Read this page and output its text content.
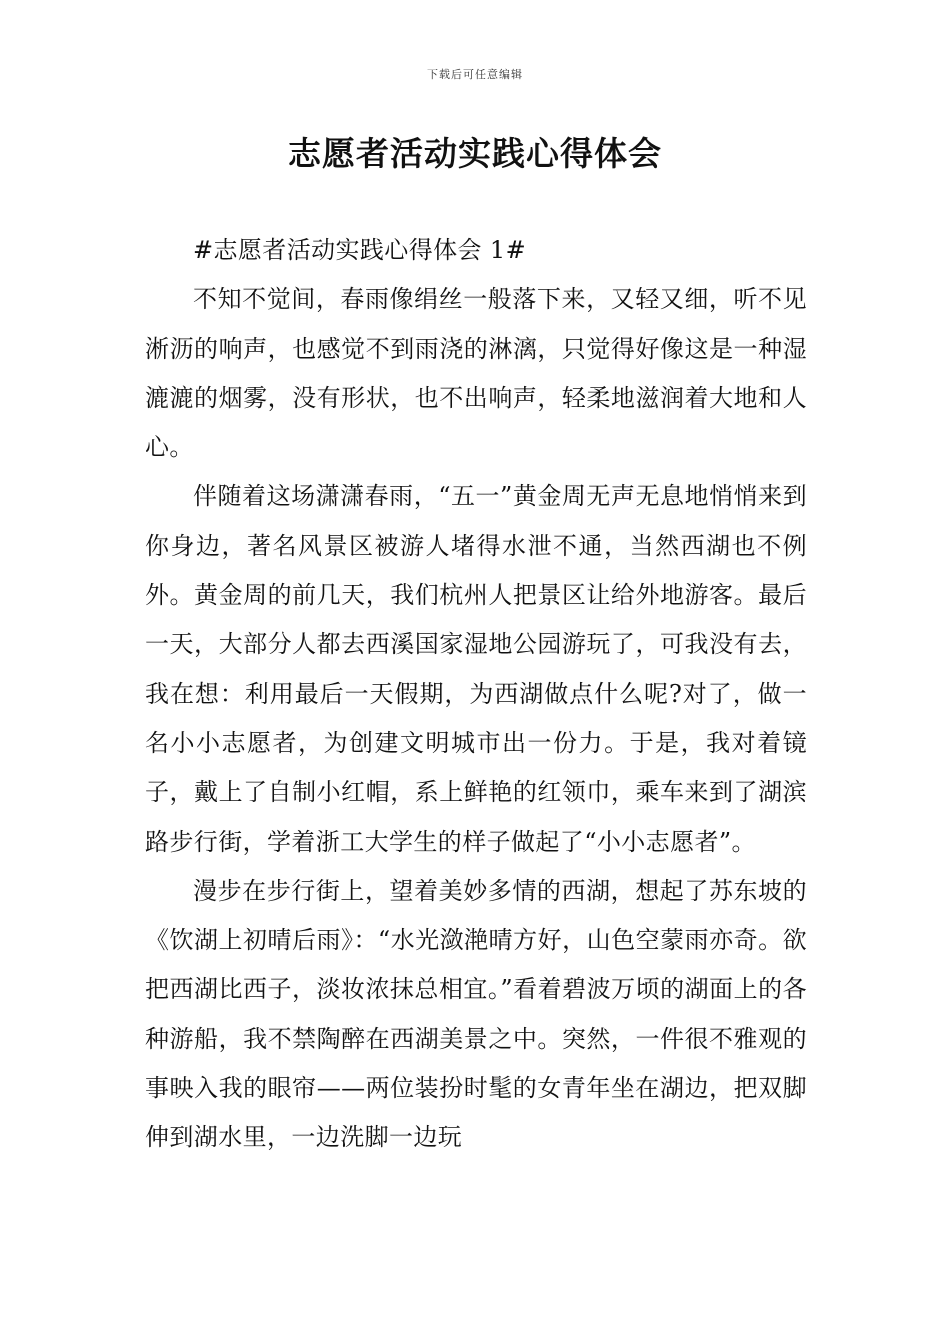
下载后可任意编辑
志愿者活动实践心得体会
#志愿者活动实践心得体会 1#

不知不觉间，春雨像绢丝一般落下来，又轻又细，听不见淅沥的响声，也感觉不到雨浇的淋漓，只觉得好像这是一种湿漉漉的烟雾，没有形状，也不出响声，轻柔地滋润着大地和人心。

伴随着这场潇潇春雨，“五一”黄金周无声无息地悄悄来到你身边，著名风景区被游人堵得水泄不通，当然西湖也不例外。黄金周的前几天，我们杭州人把景区让给外地游客。最后一天，大部分人都去西溪国家湿地公园游玩了，可我没有去，我在想：利用最后一天假期，为西湖做点什么呢?对了，做一名小小志愿者，为创建文明城市出一份力。于是，我对着镜子，戴上了自制小红帽，系上鲜艳的红领巾，乘车来到了湖滨路步行街，学着浙工大学生的样子做起了“小小志愿者”。

漫步在步行街上，望着美妙多情的西湖，想起了苏东坡的《饮湖上初晴后雨》：“水光潋滟晴方好，山色空蒙雨亦奇。欲把西湖比西子，淡妆浓抹总相宜。”看着碧波万顷的湖面上的各种游船，我不禁陶醉在西湖美景之中。突然，一件很不雅观的事映入我的眼帘——两位装扮时髦的女青年坐在湖边，把双脚伸到湖水里，一边洗脚一边玩
